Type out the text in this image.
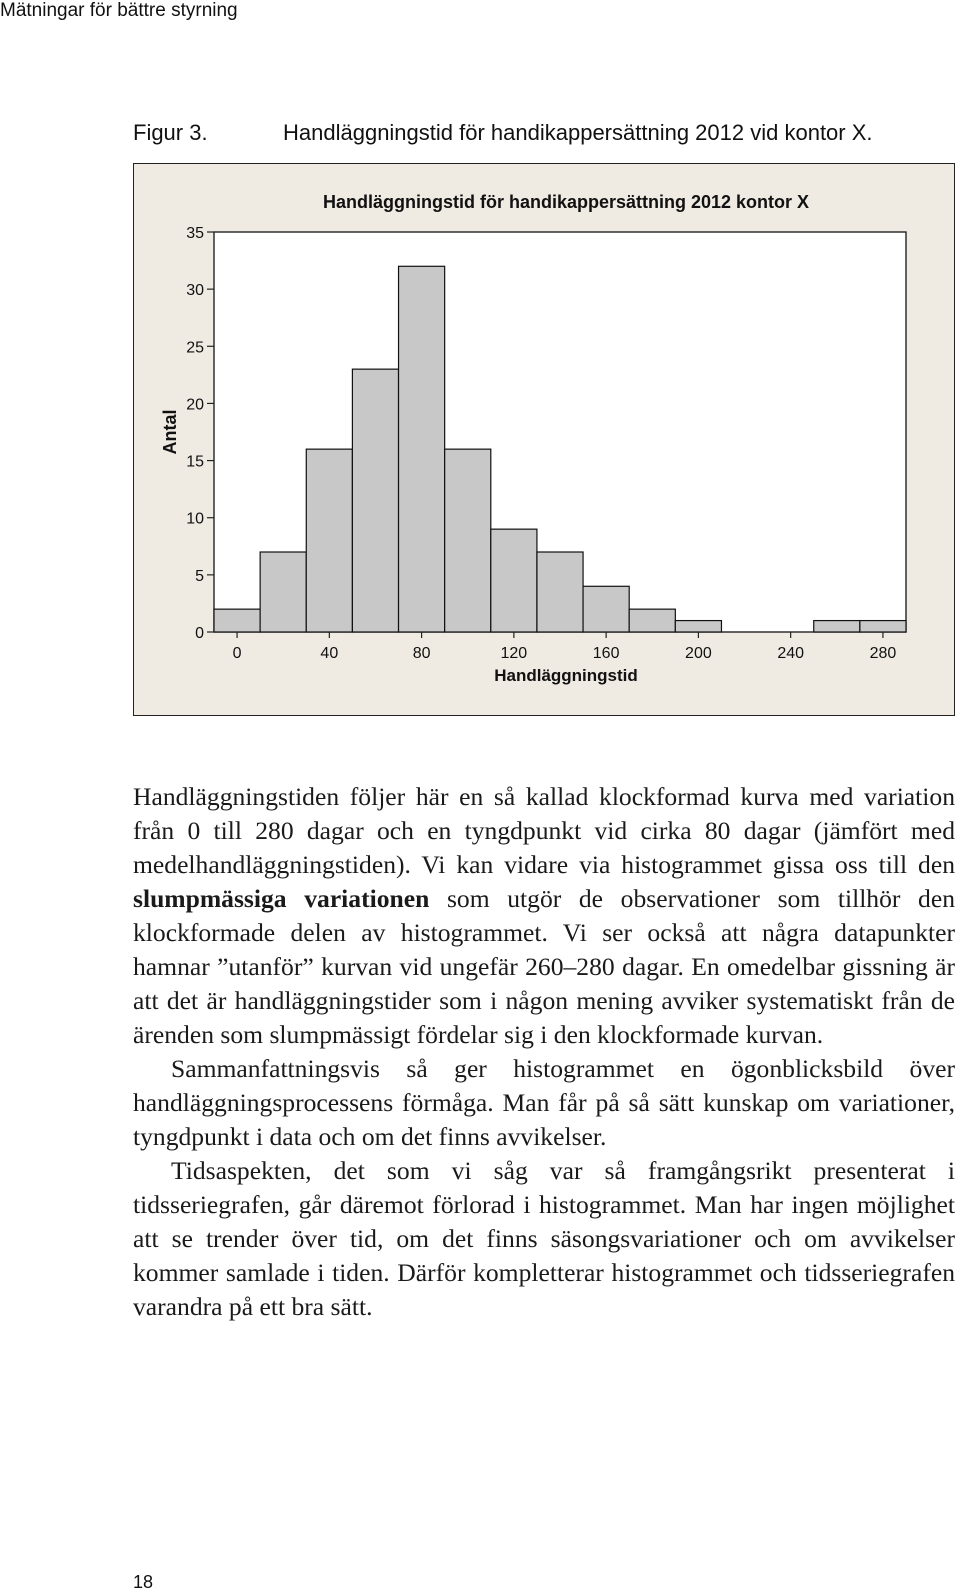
Mätningar för bättre styrning
Figur 3.	Handläggningstid för handikappersättning 2012 vid kontor X.
Handläggningstid för handikappersättning 2012 kontor X
Antal
Handläggningstid
0
5
10
15
20
25
30
35
0	40	80	120	160	200	240	280

Handläggningstiden följer här en så kallad klockformad kurva med variation från 0 till 280 dagar och en tyngdpunkt vid cirka 80 dagar (jämfört med medelhandläggningstiden). Vi kan vidare via histogrammet gissa oss till den slumpmässiga variationen som utgör de observationer som tillhör den klockformade delen av histogrammet. Vi ser också att några datapunkter hamnar ”utanför” kurvan vid ungefär 260–280 dagar. En omedelbar gissning är att det är handläggningstider som i någon mening avviker systematiskt från de ärenden som slumpmässigt fördelar sig i den klockformade kurvan.

Sammanfattningsvis så ger histogrammet en ögonblicksbild över handläggningsprocessens förmåga. Man får på så sätt kunskap om variationer, tyngdpunkt i data och om det finns avvikelser.

Tidsaspekten, det som vi såg var så framgångsrikt presenterat i tidsseriegrafen, går däremot förlorad i histogrammet. Man har ingen möjlighet att se trender över tid, om det finns säsongsvariationer och om avvikelser kommer samlade i tiden. Därför kompletterar histogrammet och tidsseriegrafen varandra på ett bra sätt.

18
